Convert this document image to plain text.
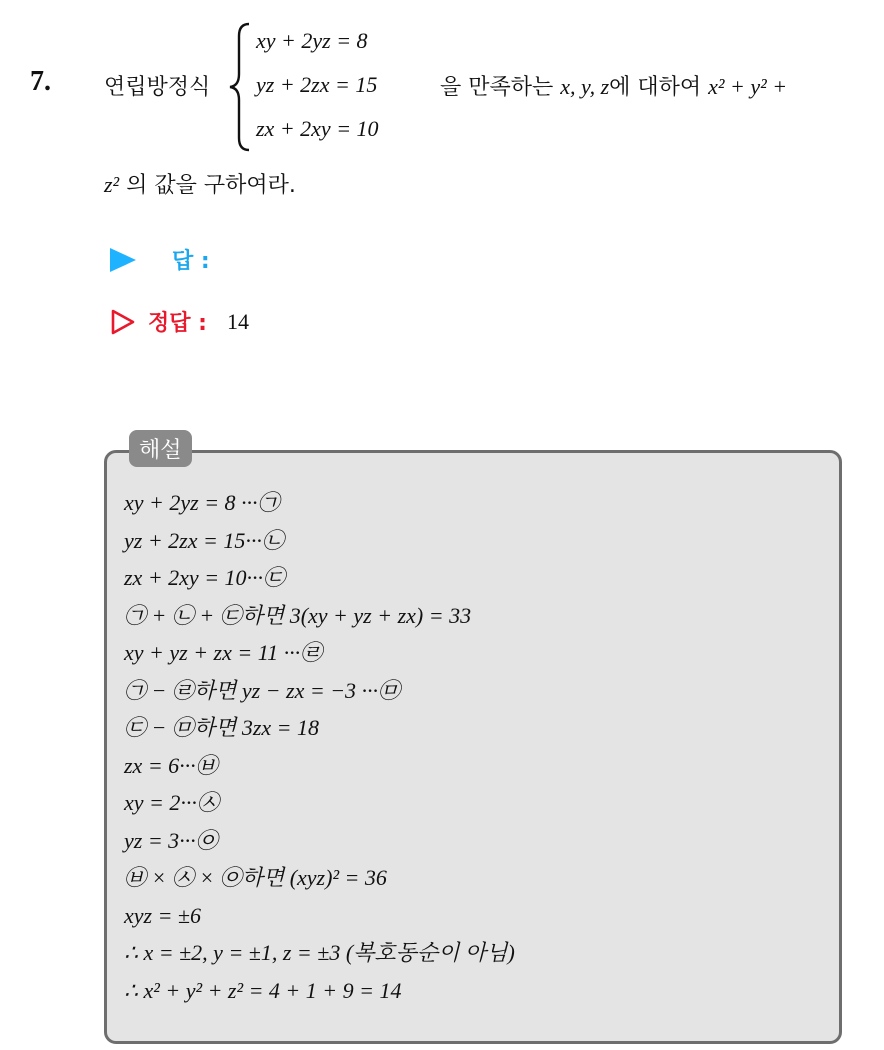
7. 연립방정식
xy + 2yz = 8
yz + 2zx = 15
zx + 2xy = 10
을 만족하는 x, y, z에 대하여 x² + y² +
z² 의 값을 구하여라.
답 :
정답 : 14
해설
xy + 2yz = 8 ···㉠
yz + 2zx = 15···㉡
zx + 2xy = 10···㉢
㉠ + ㉡ + ㉢하면 3(xy + yz + zx) = 33
xy + yz + zx = 11 ···㉣
㉠ − ㉣하면 yz − zx = −3 ···㉤
㉢ − ㉤하면 3zx = 18
zx = 6···㉥
xy = 2···㉦
yz = 3···㉧
㉥ × ㉦ × ㉧하면 (xyz)² = 36
xyz = ±6
∴ x = ±2, y = ±1, z = ±3 (복호동순이 아님)
∴ x² + y² + z² = 4 + 1 + 9 = 14
